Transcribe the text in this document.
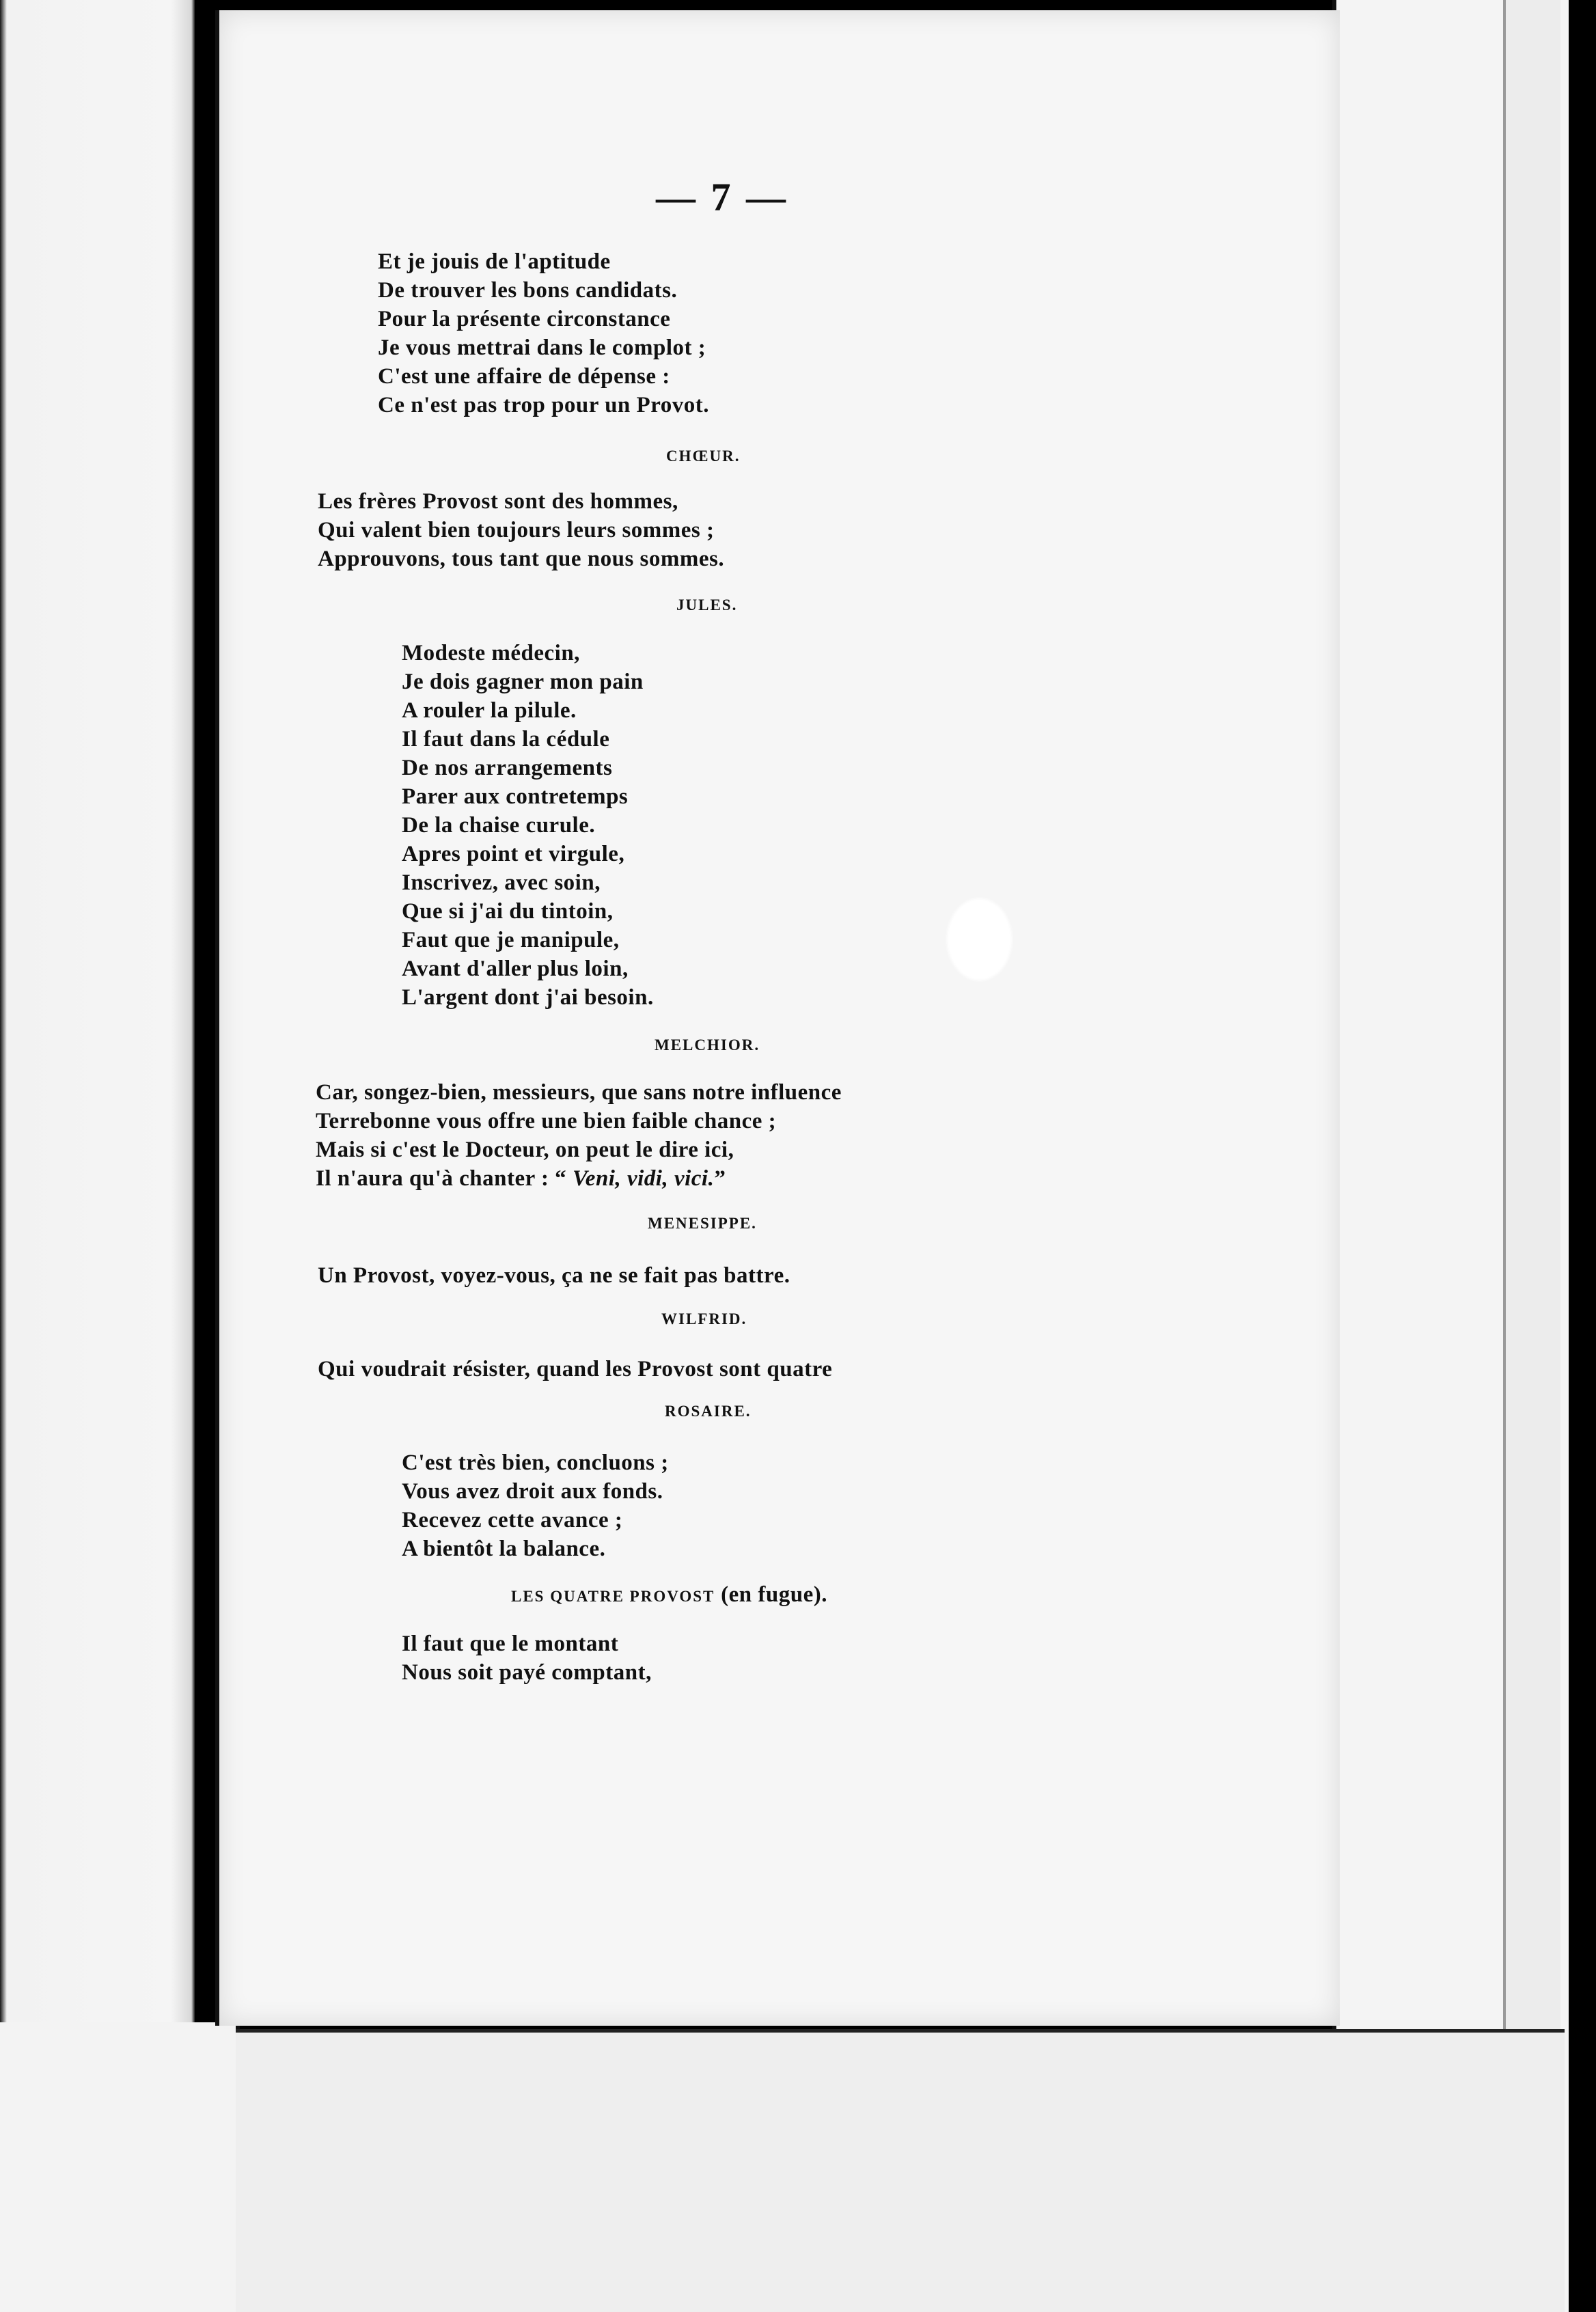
— 7 —
Et je jouis de l'aptitude
De trouver les bons candidats.
Pour la présente circonstance
Je vous mettrai dans le complot ;
C'est une affaire de dépense :
Ce n'est pas trop pour un Provot.
CHŒUR.
Les frères Provost sont des hommes,
Qui valent bien toujours leurs sommes ;
Approuvons, tous tant que nous sommes.
JULES.
Modeste médecin,
Je dois gagner mon pain
A rouler la pilule.
Il faut dans la cédule
De nos arrangements
Parer aux contretemps
De la chaise curule.
Apres point et virgule,
Inscrivez, avec soin,
Que si j'ai du tintoin,
Faut que je manipule,
Avant d'aller plus loin,
L'argent dont j'ai besoin.
MELCHIOR.
Car, songez-bien, messieurs, que sans notre influence
Terrebonne vous offre une bien faible chance ;
Mais si c'est le Docteur, on peut le dire ici,
Il n'aura qu'à chanter : “ Veni, vidi, vici.”
MENESIPPE.
Un Provost, voyez-vous, ça ne se fait pas battre.
WILFRID.
Qui voudrait résister, quand les Provost sont quatre
ROSAIRE.
C'est très bien, concluons ;
Vous avez droit aux fonds.
Recevez cette avance ;
A bientôt la balance.
LES QUATRE PROVOST (en fugue).
Il faut que le montant
Nous soit payé comptant,
